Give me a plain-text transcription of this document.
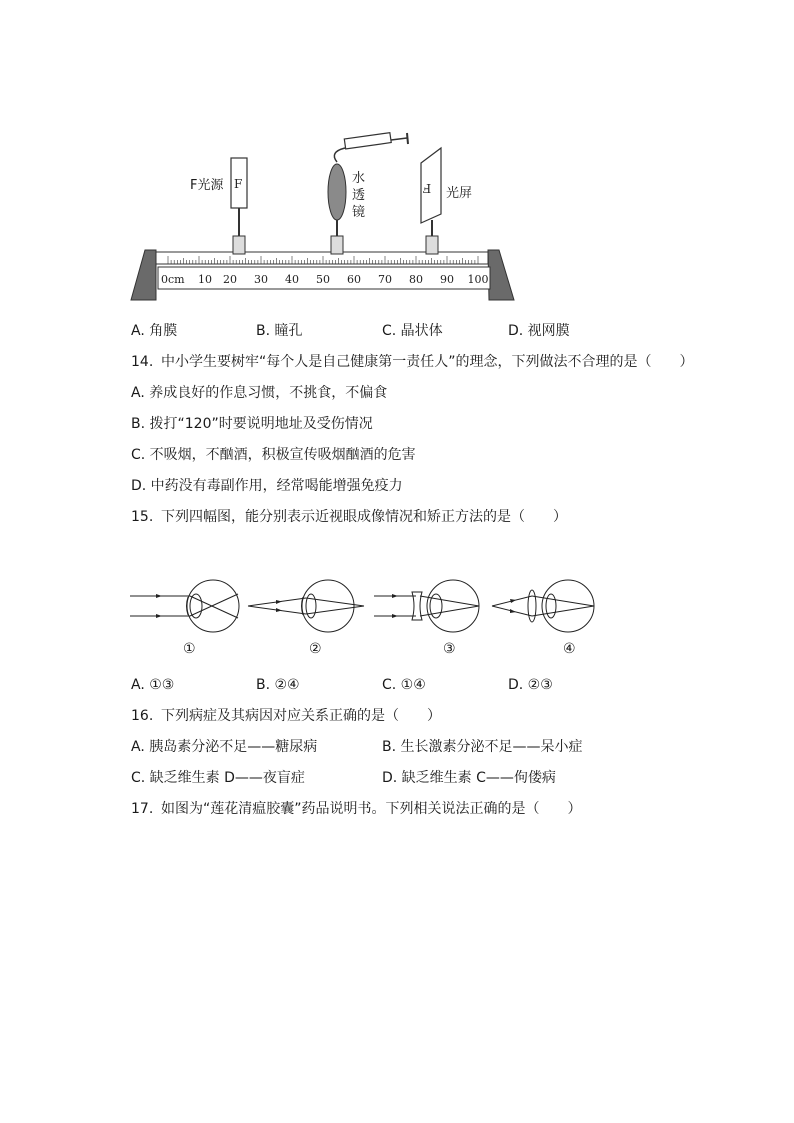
0cm 10 20 30 40 50 60 70 80 90 100
F	F
F光源	水
透
镜
光屏
A. 角膜	B. 瞳孔	C. 晶状体	D. 视网膜
14. 中小学生要树牢“每个人是自己健康第一责任人”的理念，下列做法不合理的是（　　）
A. 养成良好的作息习惯，不挑食，不偏食
B. 拨打“120”时要说明地址及受伤情况
C. 不吸烟，不酗酒，积极宣传吸烟酗酒的危害
D. 中药没有毒副作用，经常喝能增强免疫力
15. 下列四幅图，能分别表示近视眼成像情况和矫正方法的是（　　）
①	②	③	④
A. ①③	B. ②④	C. ①④	D. ②③
16. 下列病症及其病因对应关系正确的是（　　）
A. 胰岛素分泌不足——糖尿病	B. 生长激素分泌不足——呆小症
C. 缺乏维生素 D——夜盲症	D. 缺乏维生素 C——佝偻病
17. 如图为“莲花清瘟胶囊”药品说明书。下列相关说法正确的是（　　）
